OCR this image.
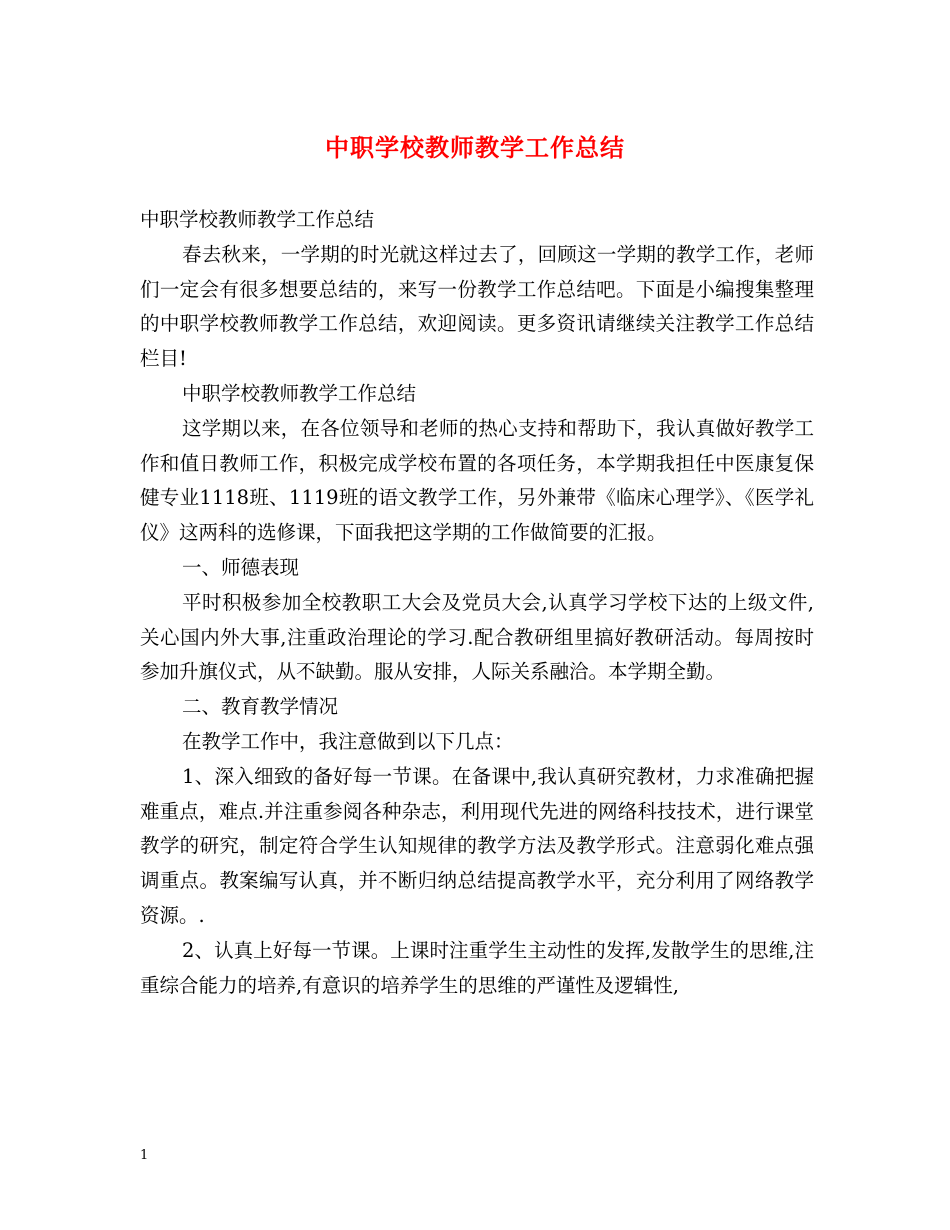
中职学校教师教学工作总结

中职学校教师教学工作总结

春去秋来，一学期的时光就这样过去了，回顾这一学期的教学工作，老师们一定会有很多想要总结的，来写一份教学工作总结吧。下面是小编搜集整理的中职学校教师教学工作总结，欢迎阅读。更多资讯请继续关注教学工作总结栏目!

中职学校教师教学工作总结

这学期以来，在各位领导和老师的热心支持和帮助下，我认真做好教学工作和值日教师工作，积极完成学校布置的各项任务，本学期我担任中医康复保健专业1118班、1119班的语文教学工作，另外兼带《临床心理学》、《医学礼仪》这两科的选修课，下面我把这学期的工作做简要的汇报。

一、师德表现

平时积极参加全校教职工大会及党员大会,认真学习学校下达的上级文件,关心国内外大事,注重政治理论的学习.配合教研组里搞好教研活动。每周按时参加升旗仪式，从不缺勤。服从安排，人际关系融洽。本学期全勤。

二、教育教学情况

在教学工作中，我注意做到以下几点：

1、深入细致的备好每一节课。在备课中,我认真研究教材，力求准确把握难重点，难点.并注重参阅各种杂志，利用现代先进的网络科技技术，进行课堂教学的研究，制定符合学生认知规律的教学方法及教学形式。注意弱化难点强调重点。教案编写认真，并不断归纳总结提高教学水平，充分利用了网络教学资源。.

2、认真上好每一节课。上课时注重学生主动性的发挥,发散学生的思维,注重综合能力的培养,有意识的培养学生的思维的严谨性及逻辑性,

1
